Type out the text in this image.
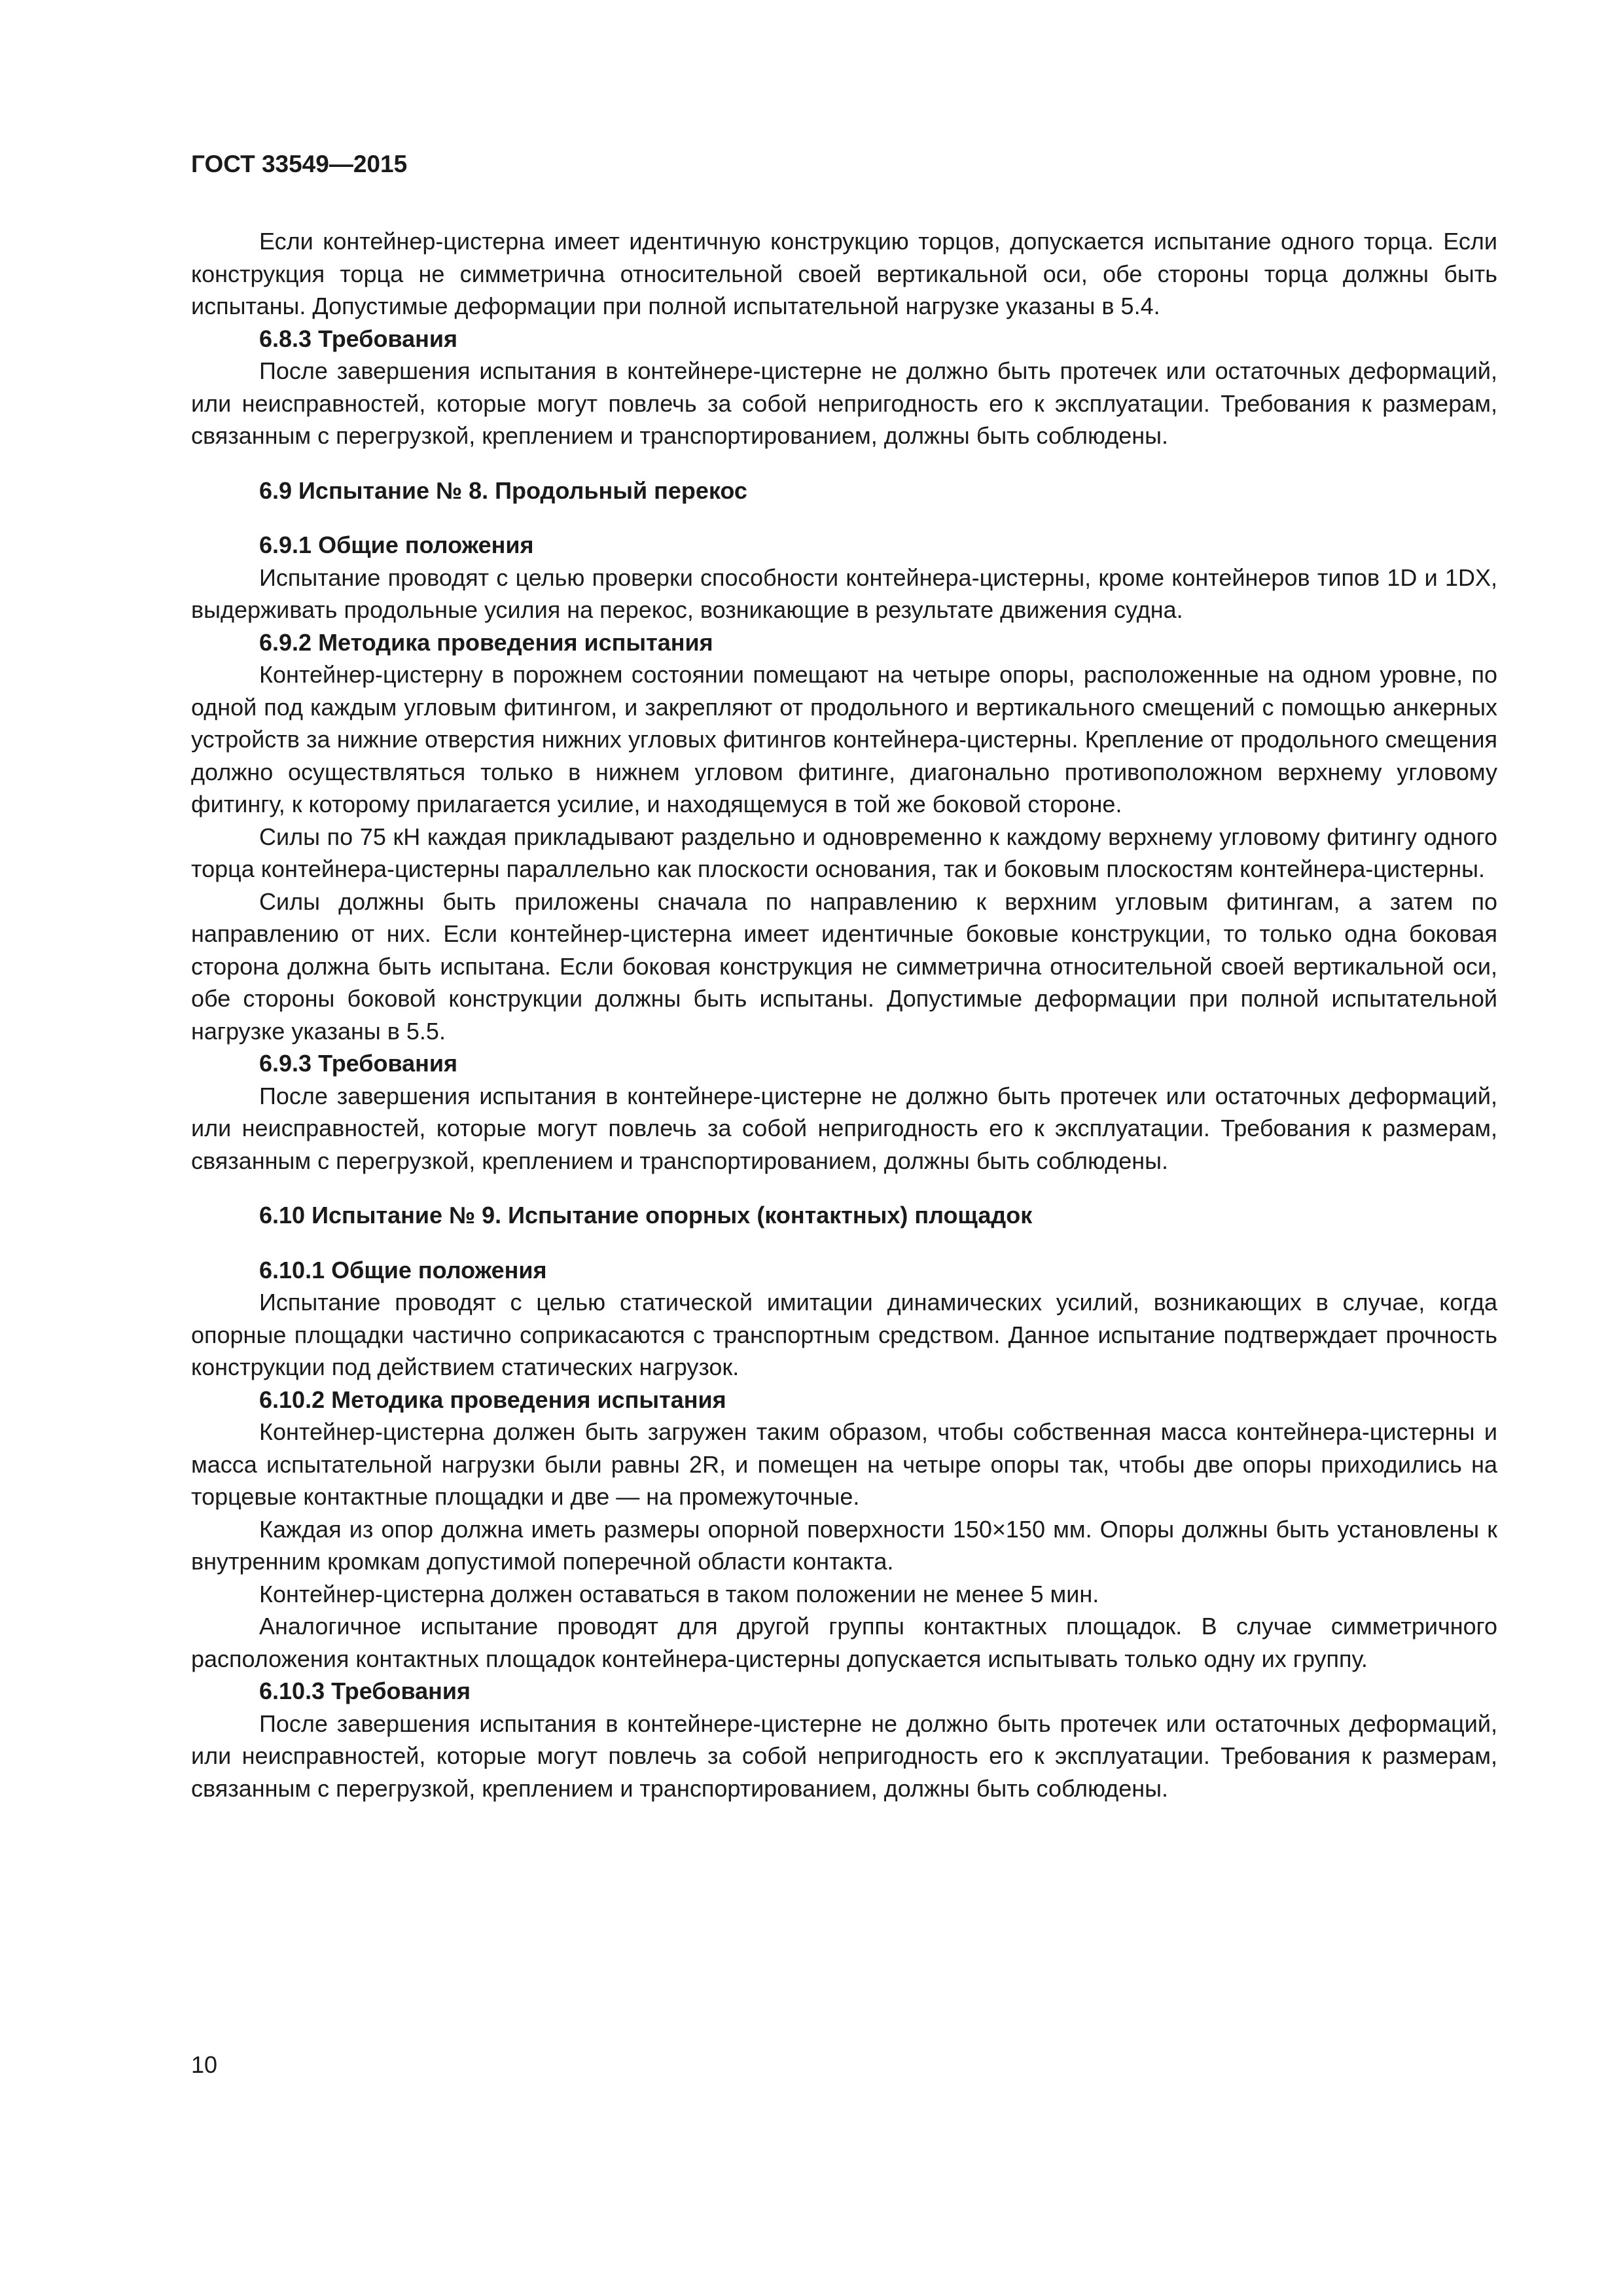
ГОСТ 33549—2015

Если контейнер-цистерна имеет идентичную конструкцию торцов, допускается испытание одного торца. Если конструкция торца не симметрична относительной своей вертикальной оси, обе стороны торца должны быть испытаны. Допустимые деформации при полной испытательной нагрузке указаны в 5.4.

6.8.3 Требования

После завершения испытания в контейнере-цистерне не должно быть протечек или остаточных деформаций, или неисправностей, которые могут повлечь за собой непригодность его к эксплуатации. Требования к размерам, связанным с перегрузкой, креплением и транспортированием, должны быть соблюдены.

6.9 Испытание № 8. Продольный перекос

6.9.1 Общие положения

Испытание проводят с целью проверки способности контейнера-цистерны, кроме контейнеров типов 1D и 1DX, выдерживать продольные усилия на перекос, возникающие в результате движения судна.

6.9.2 Методика проведения испытания

Контейнер-цистерну в порожнем состоянии помещают на четыре опоры, расположенные на одном уровне, по одной под каждым угловым фитингом, и закрепляют от продольного и вертикального смещений с помощью анкерных устройств за нижние отверстия нижних угловых фитингов контейнера-цистерны. Крепление от продольного смещения должно осуществляться только в нижнем угловом фитинге, диагонально противоположном верхнему угловому фитингу, к которому прилагается усилие, и находящемуся в той же боковой стороне.

Силы по 75 кН каждая прикладывают раздельно и одновременно к каждому верхнему угловому фитингу одного торца контейнера-цистерны параллельно как плоскости основания, так и боковым плоскостям контейнера-цистерны.

Силы должны быть приложены сначала по направлению к верхним угловым фитингам, а затем по направлению от них. Если контейнер-цистерна имеет идентичные боковые конструкции, то только одна боковая сторона должна быть испытана. Если боковая конструкция не симметрична относительной своей вертикальной оси, обе стороны боковой конструкции должны быть испытаны. Допустимые деформации при полной испытательной нагрузке указаны в 5.5.

6.9.3 Требования

После завершения испытания в контейнере-цистерне не должно быть протечек или остаточных деформаций, или неисправностей, которые могут повлечь за собой непригодность его к эксплуатации. Требования к размерам, связанным с перегрузкой, креплением и транспортированием, должны быть соблюдены.

6.10 Испытание № 9. Испытание опорных (контактных) площадок

6.10.1 Общие положения

Испытание проводят с целью статической имитации динамических усилий, возникающих в случае, когда опорные площадки частично соприкасаются с транспортным средством. Данное испытание подтверждает прочность конструкции под действием статических нагрузок.

6.10.2 Методика проведения испытания

Контейнер-цистерна должен быть загружен таким образом, чтобы собственная масса контейнера-цистерны и масса испытательной нагрузки были равны 2R, и помещен на четыре опоры так, чтобы две опоры приходились на торцевые контактные площадки и две — на промежуточные.

Каждая из опор должна иметь размеры опорной поверхности 150×150 мм. Опоры должны быть установлены к внутренним кромкам допустимой поперечной области контакта.

Контейнер-цистерна должен оставаться в таком положении не менее 5 мин.

Аналогичное испытание проводят для другой группы контактных площадок. В случае симметричного расположения контактных площадок контейнера-цистерны допускается испытывать только одну их группу.

6.10.3 Требования

После завершения испытания в контейнере-цистерне не должно быть протечек или остаточных деформаций, или неисправностей, которые могут повлечь за собой непригодность его к эксплуатации. Требования к размерам, связанным с перегрузкой, креплением и транспортированием, должны быть соблюдены.

10
